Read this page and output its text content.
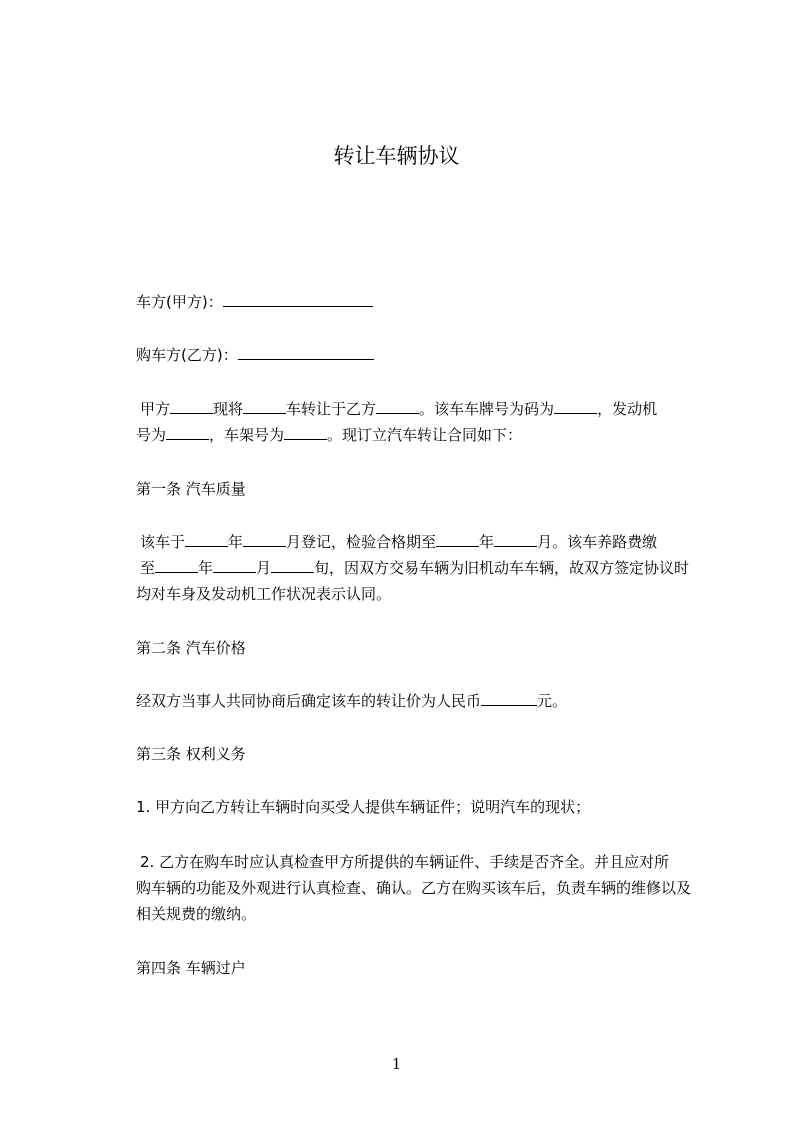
转让车辆协议
车方(甲方)：
购车方(乙方)：
甲方	现将	车转让于乙方	。该车车牌号为码为	，发动机
号为	，车架号为	。现订立汽车转让合同如下：
第一条 汽车质量
该车于	年	月登记，检验合格期至	年	月。该车养路费缴
至	年	月	旬，因双方交易车辆为旧机动车车辆，故双方签定协议时
均对车身及发动机工作状况表示认同。
第二条 汽车价格
经双方当事人共同协商后确定该车的转让价为人民币	元。
第三条 权利义务
1. 甲方向乙方转让车辆时向买受人提供车辆证件；说明汽车的现状；
2. 乙方在购车时应认真检查甲方所提供的车辆证件、手续是否齐全。并且应对所
购车辆的功能及外观进行认真检查、确认。乙方在购买该车后，负责车辆的维修以及
相关规费的缴纳。
第四条 车辆过户
1
